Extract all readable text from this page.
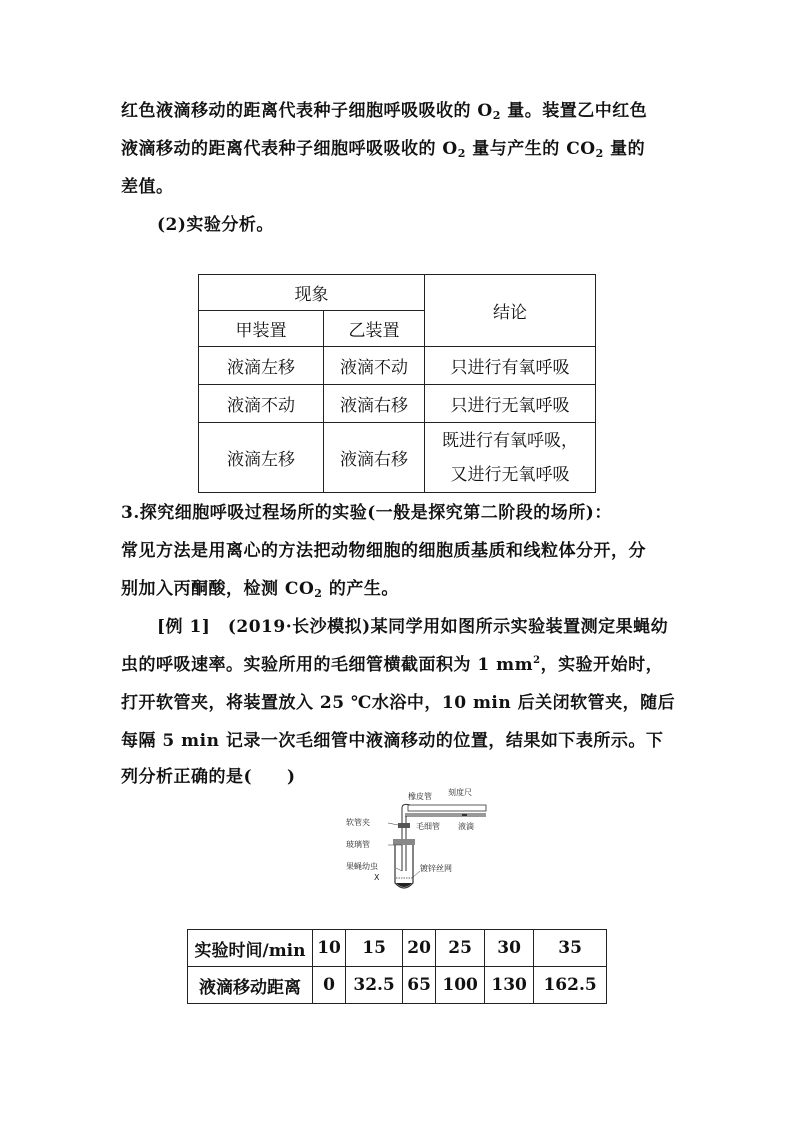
红色液滴移动的距离代表种子细胞呼吸吸收的 $O_2$ 量。装置乙中红色
液滴移动的距离代表种子细胞呼吸吸收的 $O_2$ 量与产生的 $CO_2$ 量的
差值。
(2)实验分析。
现象		结论
甲装置	乙装置	
液滴左移	液滴不动	只进行有氧呼吸
液滴不动	液滴右移	只进行无氧呼吸
液滴左移	液滴右移	既进行有氧呼吸，
又进行无氧呼吸
3.探究细胞呼吸过程场所的实验(一般是探究第二阶段的场所)：
常见方法是用离心的方法把动物细胞的细胞质基质和线粒体分开，分
别加入丙酮酸，检测 $CO_2$ 的产生。
[例 1]　(2019·长沙模拟)某同学用如图所示实验装置测定果蝇幼
虫的呼吸速率。实验所用的毛细管横截面积为 1 $mm^2$，实验开始时，
打开软管夹，将装置放入 25 ℃水浴中，10 min 后关闭软管夹，随后
每隔 5 min 记录一次毛细管中液滴移动的位置，结果如下表所示。下
列分析正确的是(　　)
橡皮管 刻度尺
软管夹
玻璃管
毛细管 液滴
果蝇幼虫
X
镀锌丝网
实验时间/min	10	15	20	25	30	35
液滴移动距离	0	32.5	65	100	130	162.5
